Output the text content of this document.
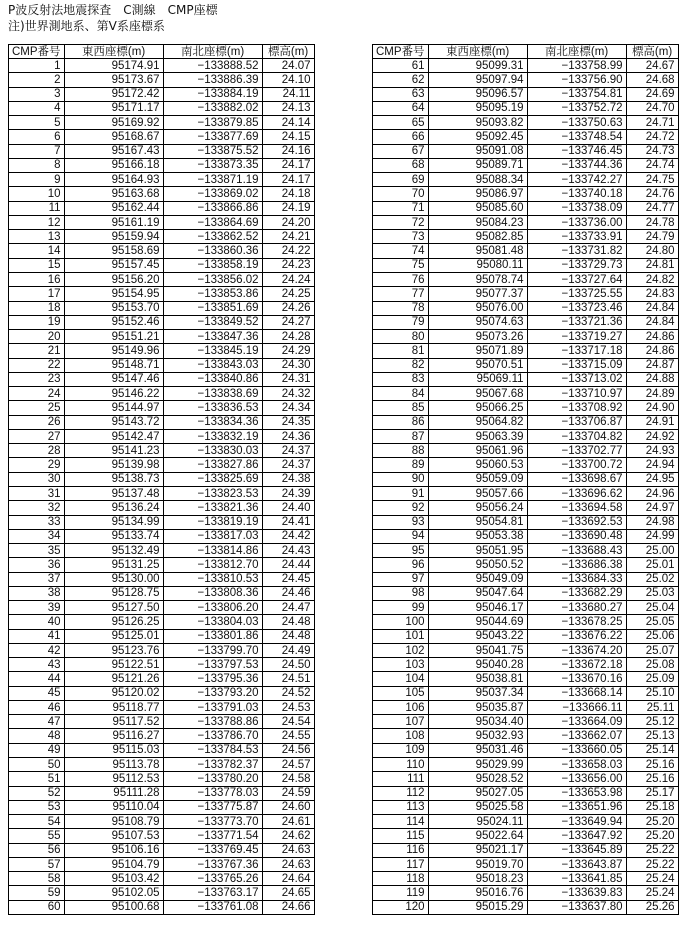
P波反射法地震探査　C測線　CMP座標
注)世界測地系、第Ⅴ系座標系
CMP番号	東西座標(m)	南北座標(m)	標高(m)
1	95174.91	−133888.52	24.07
2	95173.67	−133886.39	24.10
3	95172.42	−133884.19	24.11
4	95171.17	−133882.02	24.13
5	95169.92	−133879.85	24.14
6	95168.67	−133877.69	24.15
7	95167.43	−133875.52	24.16
8	95166.18	−133873.35	24.17
9	95164.93	−133871.19	24.17
10	95163.68	−133869.02	24.18
11	95162.44	−133866.86	24.19
12	95161.19	−133864.69	24.20
13	95159.94	−133862.52	24.21
14	95158.69	−133860.36	24.22
15	95157.45	−133858.19	24.23
16	95156.20	−133856.02	24.24
17	95154.95	−133853.86	24.25
18	95153.70	−133851.69	24.26
19	95152.46	−133849.52	24.27
20	95151.21	−133847.36	24.28
21	95149.96	−133845.19	24.29
22	95148.71	−133843.03	24.30
23	95147.46	−133840.86	24.31
24	95146.22	−133838.69	24.32
25	95144.97	−133836.53	24.34
26	95143.72	−133834.36	24.35
27	95142.47	−133832.19	24.36
28	95141.23	−133830.03	24.37
29	95139.98	−133827.86	24.37
30	95138.73	−133825.69	24.38
31	95137.48	−133823.53	24.39
32	95136.24	−133821.36	24.40
33	95134.99	−133819.19	24.41
34	95133.74	−133817.03	24.42
35	95132.49	−133814.86	24.43
36	95131.25	−133812.70	24.44
37	95130.00	−133810.53	24.45
38	95128.75	−133808.36	24.46
39	95127.50	−133806.20	24.47
40	95126.25	−133804.03	24.48
41	95125.01	−133801.86	24.48
42	95123.76	−133799.70	24.49
43	95122.51	−133797.53	24.50
44	95121.26	−133795.36	24.51
45	95120.02	−133793.20	24.52
46	95118.77	−133791.03	24.53
47	95117.52	−133788.86	24.54
48	95116.27	−133786.70	24.55
49	95115.03	−133784.53	24.56
50	95113.78	−133782.37	24.57
51	95112.53	−133780.20	24.58
52	95111.28	−133778.03	24.59
53	95110.04	−133775.87	24.60
54	95108.79	−133773.70	24.61
55	95107.53	−133771.54	24.62
56	95106.16	−133769.45	24.63
57	95104.79	−133767.36	24.63
58	95103.42	−133765.26	24.64
59	95102.05	−133763.17	24.65
60	95100.68	−133761.08	24.66
CMP番号	東西座標(m)	南北座標(m)	標高(m)
61	95099.31	−133758.99	24.67
62	95097.94	−133756.90	24.68
63	95096.57	−133754.81	24.69
64	95095.19	−133752.72	24.70
65	95093.82	−133750.63	24.71
66	95092.45	−133748.54	24.72
67	95091.08	−133746.45	24.73
68	95089.71	−133744.36	24.74
69	95088.34	−133742.27	24.75
70	95086.97	−133740.18	24.76
71	95085.60	−133738.09	24.77
72	95084.23	−133736.00	24.78
73	95082.85	−133733.91	24.79
74	95081.48	−133731.82	24.80
75	95080.11	−133729.73	24.81
76	95078.74	−133727.64	24.82
77	95077.37	−133725.55	24.83
78	95076.00	−133723.46	24.84
79	95074.63	−133721.36	24.84
80	95073.26	−133719.27	24.86
81	95071.89	−133717.18	24.86
82	95070.51	−133715.09	24.87
83	95069.11	−133713.02	24.88
84	95067.68	−133710.97	24.89
85	95066.25	−133708.92	24.90
86	95064.82	−133706.87	24.91
87	95063.39	−133704.82	24.92
88	95061.96	−133702.77	24.93
89	95060.53	−133700.72	24.94
90	95059.09	−133698.67	24.95
91	95057.66	−133696.62	24.96
92	95056.24	−133694.58	24.97
93	95054.81	−133692.53	24.98
94	95053.38	−133690.48	24.99
95	95051.95	−133688.43	25.00
96	95050.52	−133686.38	25.01
97	95049.09	−133684.33	25.02
98	95047.64	−133682.29	25.03
99	95046.17	−133680.27	25.04
100	95044.69	−133678.25	25.05
101	95043.22	−133676.22	25.06
102	95041.75	−133674.20	25.07
103	95040.28	−133672.18	25.08
104	95038.81	−133670.16	25.09
105	95037.34	−133668.14	25.10
106	95035.87	−133666.11	25.11
107	95034.40	−133664.09	25.12
108	95032.93	−133662.07	25.13
109	95031.46	−133660.05	25.14
110	95029.99	−133658.03	25.16
111	95028.52	−133656.00	25.16
112	95027.05	−133653.98	25.17
113	95025.58	−133651.96	25.18
114	95024.11	−133649.94	25.20
115	95022.64	−133647.92	25.20
116	95021.17	−133645.89	25.22
117	95019.70	−133643.87	25.22
118	95018.23	−133641.85	25.24
119	95016.76	−133639.83	25.24
120	95015.29	−133637.80	25.26
